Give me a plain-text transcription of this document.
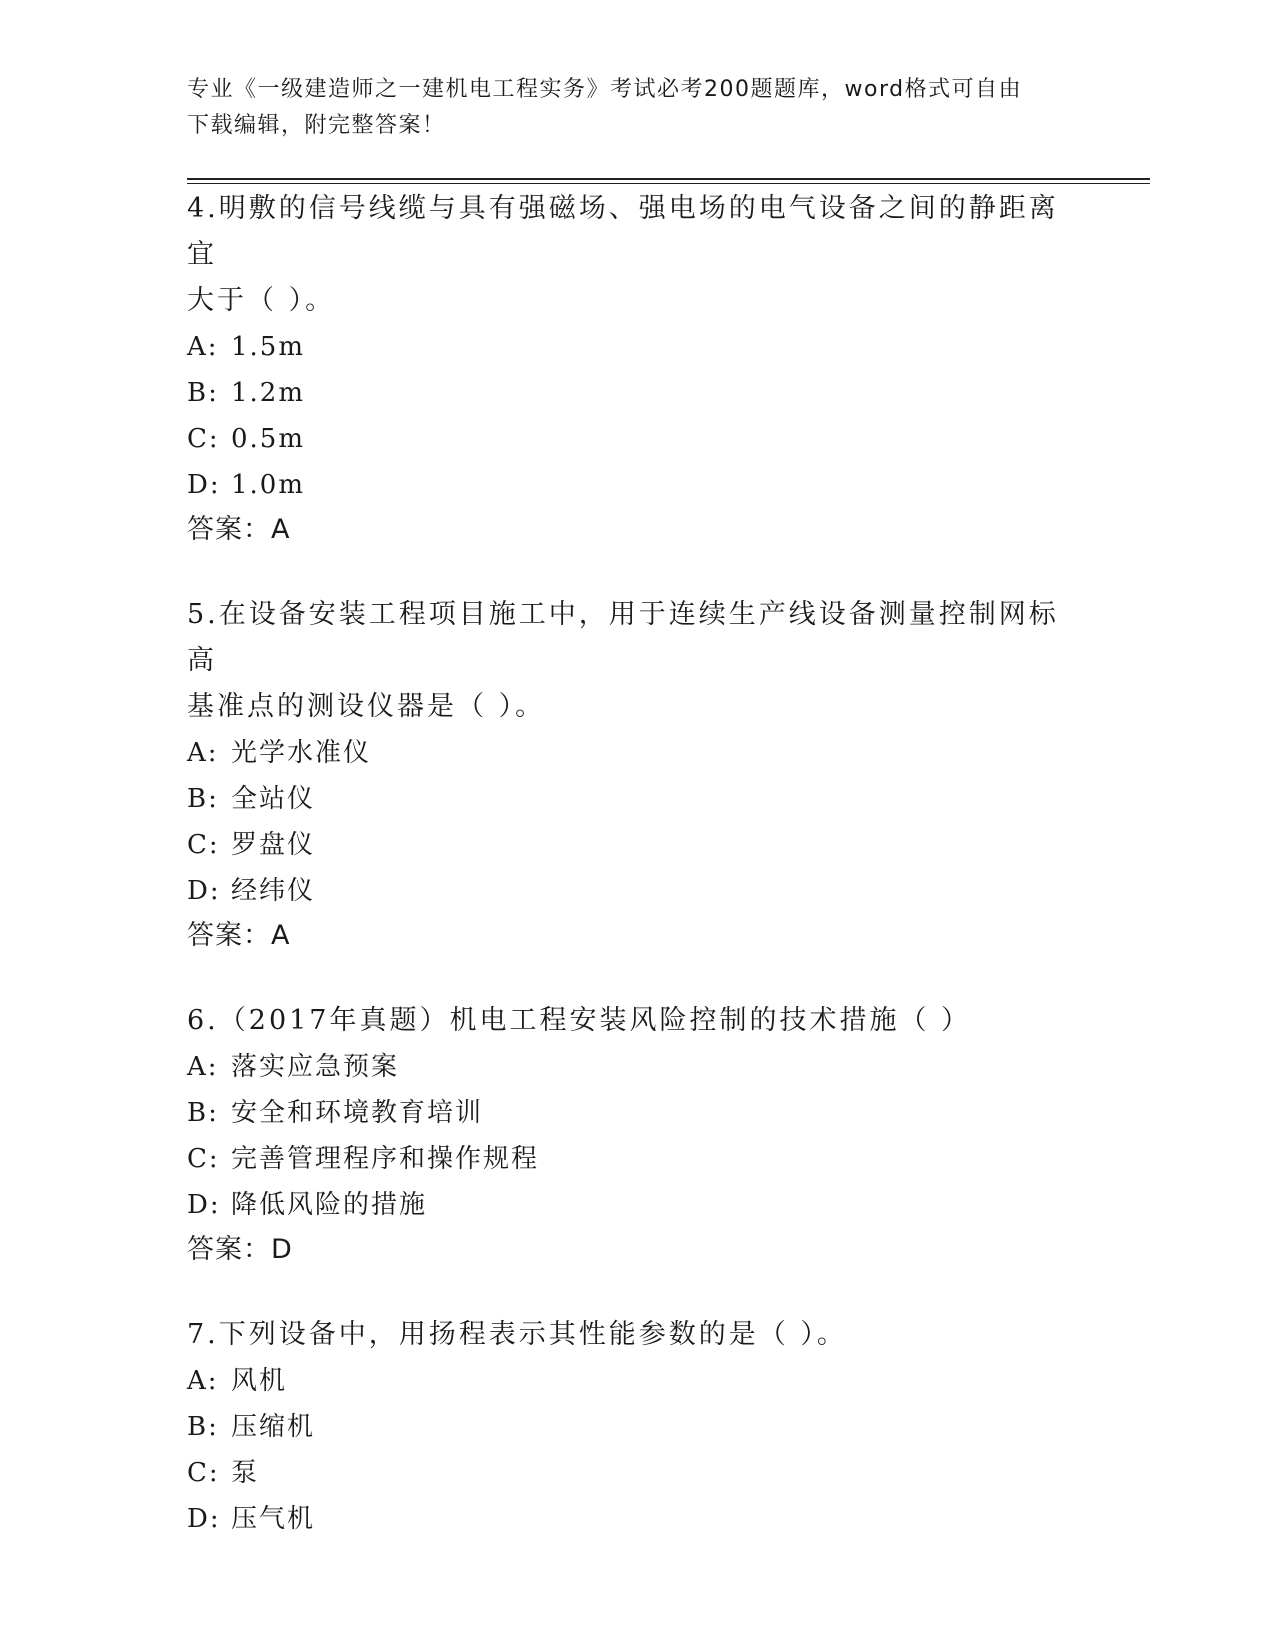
专业《一级建造师之一建机电工程实务》考试必考200题题库，word格式可自由
下载编辑，附完整答案！
4.明敷的信号线缆与具有强磁场、强电场的电气设备之间的静距离宜
大于（ ）。
A: 1.5m
B: 1.2m
C: 0.5m
D: 1.0m
答案：A
5.在设备安装工程项目施工中，用于连续生产线设备测量控制网标高
基准点的测设仪器是（ ）。
A: 光学水准仪
B: 全站仪
C: 罗盘仪
D: 经纬仪
答案：A
6.（2017年真题）机电工程安装风险控制的技术措施（ ）
A: 落实应急预案
B: 安全和环境教育培训
C: 完善管理程序和操作规程
D: 降低风险的措施
答案：D
7.下列设备中，用扬程表示其性能参数的是（ ）。
A: 风机
B: 压缩机
C: 泵
D: 压气机
